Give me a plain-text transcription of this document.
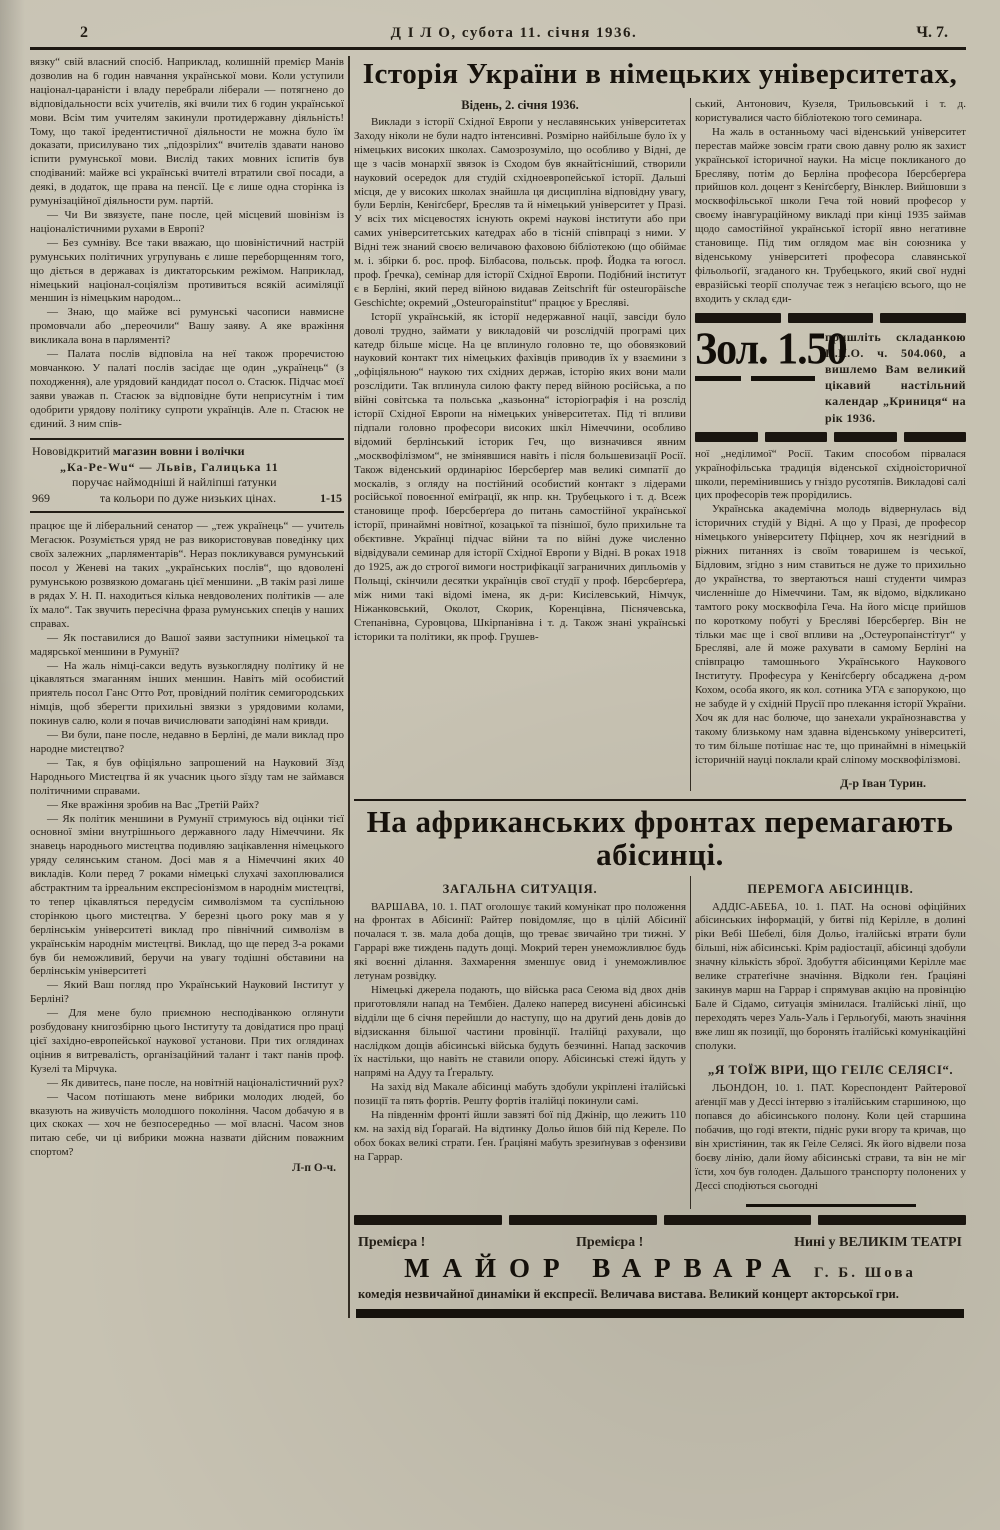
2	Д І Л О, субота 11. січня 1936.	Ч. 7.

вязку“ свій власний спосіб. Наприклад, колишній премієр Манів дозволив на 6 годин навчання української мови. Коли уступили націонал-цараністи і владу перебрали ліберали — потягнено до відповідальности всіх учителів, які вчили тих 6 годин української мови. Всім тим учителям закинули протидержавну діяльність! Тому, що такої іредентистичної діяльности не можна було їм доказати, присилувано тих „підозрілих“ вчителів здавати наново іспити румунської мови. Вислід таких мовних іспитів був сподіваний: майже всі українські вчителі втратили свої посади, а деякі, в додаток, ще права на пенсії. Це є лише одна сторінка із румунізаційної діяльности рум. партій.

— Чи Ви звязуєте, пане после, цей місцевий шовінізм із націоналістичними рухами в Европі?

— Без сумніву. Все таки вважаю, що шовіністичний настрій румунських політичних угрупувань є лише переборщенням того, що діється в державах із диктаторським режімом. Наприклад, німецький націонал-соціялізм противиться всякій асиміляції меншин із німецьким народом...

— Знаю, що майже всі румунські часописи навмисне промовчали або „переочили“ Вашу заяву. А яке вражіння викликала вона в парляменті?

— Палата послів відповіла на неї також проречистою мовчанкою. У палаті послів засідає ще один „українець“ (з походження), але урядовий кандидат посол о. Стасюк. Підчас моєї заяви уважав п. Стасюк за відповідне бути неприсутнім і тим одобрити урядову політику супроти українців. Але п. Стасюк не єдиний. З ним спів-

Нововідкритий магазин вовни і волічки
„Ка-Ре-Wu“ — Львів, Галицька 11
поручає наймодніші й найліпші ґатунки
969	та кольори по дуже низьких цінах.	1-15

працює ще й ліберальний сенатор — „теж українець“ — учитель Мегасюк. Розуміється уряд не раз використовував поведінку цих своїх залежних „парляментарів“. Нераз покликувався румунський посол у Женеві на таких „українських послів“, що вдоволені румунською розвязкою домагань цієї меншини. „В такім разі лише в рядах У. Н. П. находиться кілька невдоволених політиків — але їх мало“. Так звучить пересічна фраза румунських спеців у наших справах.

— Як поставилися до Вашої заяви заступники німецької та мадярської меншини в Румунії?

— На жаль німці-сакси ведуть вузькоглядну політику й не цікавляться змаганням інших меншин. Навіть мій особистий приятель посол Ганс Отто Рот, провідний політик семигородських німців, щоб зберегти прихильні звязки з урядовими колами, покинув салю, коли я почав вичислювати заподіяні нам кривди.

— Ви були, пане после, недавно в Берліні, де мали виклад про народне мистецтво?

— Так, я був офіціяльно запрошений на Науковий Зїзд Народнього Мистецтва й як учасник цього зїзду там не займався політичними справами.

— Яке вражіння зробив на Вас „Третій Райх?

— Як політик меншини в Румунії стримуюсь від оцінки тієї основної зміни внутрішнього державного ладу Німеччини. Як знавець народнього мистецтва подивляю зацікавлення німецького уряду селянським станом. Досі мав я а Німеччині яких 40 викладів. Коли перед 7 роками німецькі слухачі захоплювалися абстрактним та ірреальним експресіонізмом в народнім мистецтві, то тепер цікавляться передусім символізмом та суспільною сторінкою цього мистецтва. У березні цього року мав я у берлінськім університеті виклад про північний символізм в українськім народнім мистецтві. Виклад, що ще перед 3-а роками був би неможливий, беручи на увагу тодішні обставини на берлінськім університеті

— Який Ваш погляд про Український Науковий Інститут у Берліні?

— Для мене було приємною несподіванкою оглянути розбудовану книгозбірню цього Інституту та довідатися про праці цієї західно-европейської наукової установи. При тих оглядинах оцінив я витревалість, організаційний талант і такт панів проф. Кузелі та Мірчука.

— Як дивитесь, пане после, на новітній націоналістичний рух?

— Часом потішають мене вибрики молодих людей, бо вказують на живучість молодшого покоління. Часом добачую я в цих скоках — хоч не безпосередньо — мої власні. Часом знов питаю себе, чи ці вибрики можна назвати дійсним поважним спортом?

Л-п О-ч.
Історія України в німецьких університетах,
Відень, 2. січня 1936.

Виклади з історії Східної Европи у неславянських університетах Заходу ніколи не були надто інтенсивні. Розмірно найбільше було їх у німецьких високих школах. Самозрозуміло, що особливо у Відні, де ще з часів монархії звязок із Сходом був якнайтісніший, створили науковий осередок для студій східноевропейської історії. Дальші місця, де у високих школах знайшла ця дисципліна відповідну увагу, були Берлін, Кеніґсберґ, Бресляв та й німецький університет у Празі. У всіх тих місцевостях існують окремі наукові інститути або при самих університетських катедрах або в тісній співпраці з ними. У Відні теж знаний своєю величавою фаховою бібліотекою (що обіймає м. і. збірки б. рос. проф. Білбасова, польськ. проф. Йодка та югосл. проф. Ґречка), семінар для історії Східної Европи. Подібний інститут є в Берліні, який перед війною видавав Zeitschrift für osteuropäische Geschichte; окремий „Osteuropainstitut“ працює у Бресляві.

Історії українській, як історії недержавної нації, завсіди було доволі трудно, займати у викладовій чи розслідчій програмі цих катедр більше місце. На це вплинуло головно те, що обовязковий науковий контакт тих німецьких фахівців приводив їх у взаємини з „офіціяльною“ наукою тих східних держав, історію яких вони мали розслідити. Так вплинула силою факту перед війною російська, а по війні совітська та польська „казьонна“ історіографія і на розслід історії Східної Европи на німецьких університетах. Під ті впливи підпали головно професори високих шкіл Німеччини, особливо відомий берлінський історик Геч, що визначився явним „москвофілізмом“, не змінявшися навіть і після большевизації Росії. Також віденський ординаріюс Іберсберґер мав великі симпатії до москалів, з огляду на постійний особистий контакт з лідерами російської повоєнної еміґрації, як нпр. кн. Трубецького і т. д. Всеж становище проф. Іберсберґера до питань самостійної української історії, принаймні новітної, козацької та пізнішої, було прихильне та обєктивне. Українці підчас війни та по війні дуже численно відвідували семинар для історії Східної Европи у Відні. В роках 1918 до 1925, аж до строгої вимоги нострифікації заграничних дипльомів у Польщі, скінчили десятки українців свої студії у проф. Іберсберґера, між ними такі відомі імена, як д-ри: Кисілевський, Німчук, Ніжанковський, Околот, Скорик, Коренцівна, Піснячевська, Степанівна, Суровцова, Шкірпанівна і т. д. Також знані українські історики та політики, як проф. Грушев-

ський, Антонович, Кузеля, Трильовський і т. д. користувалися часто бібліотекою того семинара.

На жаль в останньому часі віденський університет перестав майже зовсім грати свою давну ролю як захист української історичної науки. На місце покликаного до Бресляву, потім до Берліна професора Іберсберґера прийшов кол. доцент з Кеніґсберґу, Вінклер. Вийшовши з москвофільської школи Геча той новий професор у своєму інавгураційному викладі при кінці 1935 займав щодо самостійної української історії явно негативне становище. Під тим оглядом має він союзника у віденському університеті професора славянської фільольоґії, згаданого кн. Трубецького, який свої нудні евразійські теорії сполучає теж з неґацією всього, що не входить у склад єди-

Зол. 1.50
пришліть складанкою П.К.О. ч. 504.060, а вишлемо Вам великий цікавий настільний календар „Криниця“ на рік 1936.

ної „неділимої“ Росії. Таким способом пірвалася українофільська традиція віденської східноісторичної школи, перемінившись у гніздо русотяпів. Викладові салі цих професорів теж прорідились.

Українська академічна молодь відвернулась від історичних студій у Відні. А що у Празі, де професор німецького університету Пфіцнер, хоч як незгідний в ріжних питаннях із своїм товаришем із чеської, Бідловим, згідно з ним ставиться не дуже то прихильно до українства, то звертаються наші студенти чимраз численніше до Німеччини. Там, як відомо, відкликано тамтого року москвофіла Геча. На його місце прийшов по короткому побуті у Бресляві Іберсберґер. Він не тільки має ще і свої впливи на „Остеуропаінстітут“ у Бресляві, але й може рахувати в самому Берліні на співпрацю тамошнього Українського Наукового Інституту. Професура у Кеніґсберґу обсаджена д-ром Кохом, особа якого, як кол. сотника УГА є запорукою, що не забуде й у східній Прусії про плекання історії України. Хоч як для нас болюче, що занехали українознавства у такому близькому нам здавна віденському університеті, то тим більше потішає нас те, що принаймні в німецькій історичній науці поклали край сліпому москвофілізмові.

Д-р Іван Турин.
На африканських фронтах перемагають
абісинці.
ЗАГАЛЬНА СИТУАЦІЯ.

ВАРШАВА, 10. 1. ПАТ оголошує такий комунікат про положення на фронтах в Абісинії: Райтер повідомляє, що в цілій Абісинії почалася т. зв. мала доба дощів, що треває звичайно три тижні. У Гаррарі вже тиждень падуть дощі. Мокрий терен унеможливлює будь які воєнні ділання. Захмарення зменшує овид і унеможливлює летунам розвідку.

Німецькі джерела подають, що війська раса Сеюма від двох днів приготовляли напад на Тембіен. Далеко наперед висунені абісинські відділи ще 6 січня перейшли до наступу, що на другий день довів до відзискання більшої частини провінції. Італійці рахували, що наслідком дощів абісинські війська будуть безчинні. Напад заскочив їх настільки, що навіть не ставили опору. Абісинські стежі йдуть у напрямі на Адуу та Ґгеральту.

На захід від Макале абісинці мабуть здобули укріплені італійські позиції та пять фортів. Решту фортів італійці покинули самі.

На південнім фронті йшли завзяті бої під Джінір, що лежить 110 км. на захід від Ґорагай. На відтинку Дольо йшов бій під Кереле. По обох боках великі страти. Ґен. Ґраціяні мабуть зрезиґнував з офензиви на Гаррар.

ПЕРЕМОГА АБІСИНЦІВ.

АДДІС-АБЕБА, 10. 1. ПАТ. На основі офіційних абісинських інформацій, у битві під Керілле, в долині ріки Вебі Шебелі, біля Дольо, італійські втрати були більші, ніж абісинські. Крім радіостації, абісинці здобули значну кількість зброї. Здобуття абісинцями Керілле має велике стратеґічне значіння. Відколи ґен. Ґраціяні закинув марш на Гаррар і спрямував акцію на провінцію Бале й Сідамо, ситуація змінилася. Італійські лінії, що переходять через Уаль-Уаль і Герльоґубі, мають значіння вже лиш як позиції, що боронять італійські комунікаційні сполуки.

„Я ТОЇЖ ВІРИ, ЩО ГЕІЛЄ СЕЛЯСІ“.

ЛЬОНДОН, 10. 1. ПАТ. Кореспондент Райтерової аґенції мав у Дессі інтервю з італійським старшиною, що попався до абісинського полону. Коли цей старшина побачив, що годі втекти, підніс руки вгору та кричав, що він христіянин, так як Геіле Селясі. Як його відвели поза боєву лінію, дали йому абісинські страви, та він не міг їсти, хоч був голоден. Дальшого транспорту полонених у Дессі сподіються сьогодні

Премієра !	Премієра !	Нині у ВЕЛИКІМ ТЕАТРІ
МАЙОР ВАРВАРА Г. Б. Шова
комедія незвичайної динаміки й експресії. Величава вистава. Великий концерт акторської гри.
